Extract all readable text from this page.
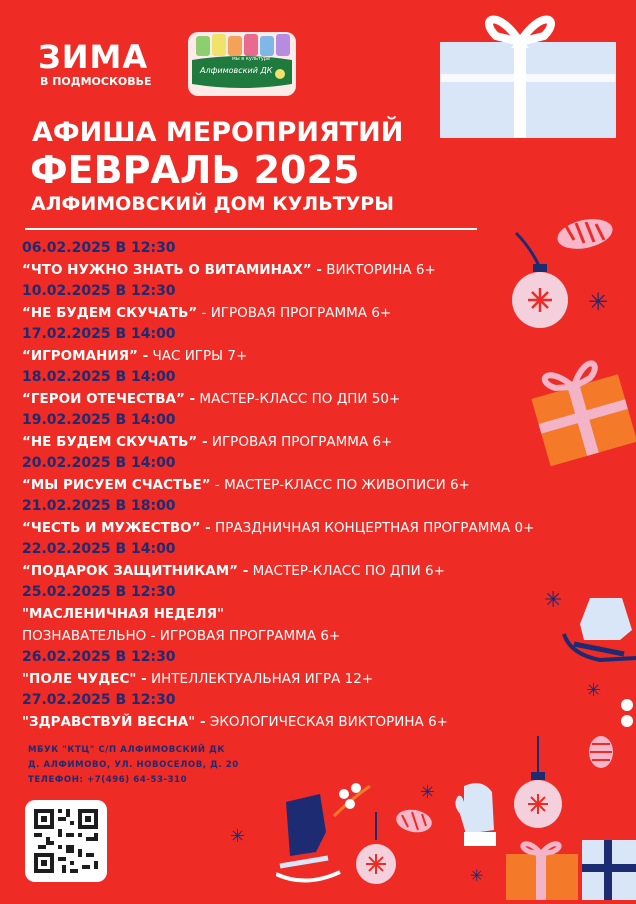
ЗИМА
В ПОДМОСКОВЬЕ
Алфимовский ДК
мы в культуре
АФИША МЕРОПРИЯТИЙ
ФЕВРАЛЬ 2025
АЛФИМОВСКИЙ ДОМ КУЛЬТУРЫ
06.02.2025 В 12:30
“ЧТО НУЖНО ЗНАТЬ О ВИТАМИНАХ” - ВИКТОРИНА 6+
10.02.2025 В 12:30
“НЕ БУДЕМ СКУЧАТЬ” - ИГРОВАЯ ПРОГРАММА 6+
17.02.2025 В 14:00
“ИГРОМАНИЯ” - ЧАС ИГРЫ 7+
18.02.2025 В 14:00
“ГЕРОИ ОТЕЧЕСТВА” - МАСТЕР-КЛАСС ПО ДПИ 50+
19.02.2025 В 14:00
“НЕ БУДЕМ СКУЧАТЬ” - ИГРОВАЯ ПРОГРАММА 6+
20.02.2025 В 14:00
“МЫ РИСУЕМ СЧАСТЬЕ” - МАСТЕР-КЛАСС ПО ЖИВОПИСИ 6+
21.02.2025 В 18:00
“ЧЕСТЬ И МУЖЕСТВО” - ПРАЗДНИЧНАЯ КОНЦЕРТНАЯ ПРОГРАММА 0+
22.02.2025 В 14:00
“ПОДАРОК ЗАЩИТНИКАМ” - МАСТЕР-КЛАСС ПО ДПИ 6+
25.02.2025 В 12:30
"МАСЛЕНИЧНАЯ НЕДЕЛЯ"
ПОЗНАВАТЕЛЬНО - ИГРОВАЯ ПРОГРАММА 6+
26.02.2025 В 12:30
"ПОЛЕ ЧУДЕС" - ИНТЕЛЛЕКТУАЛЬНАЯ ИГРА 12+
27.02.2025 В 12:30
"ЗДРАВСТВУЙ ВЕСНА" - ЭКОЛОГИЧЕСКАЯ ВИКТОРИНА 6+
МБУК "КТЦ" С/П АЛФИМОВСКИЙ ДК
Д. АЛФИМОВО, УЛ. НОВОСЕЛОВ, Д. 20
ТЕЛЕФОН: +7(496) 64-53-310
✳
✳
✳
✳
✳
✳
